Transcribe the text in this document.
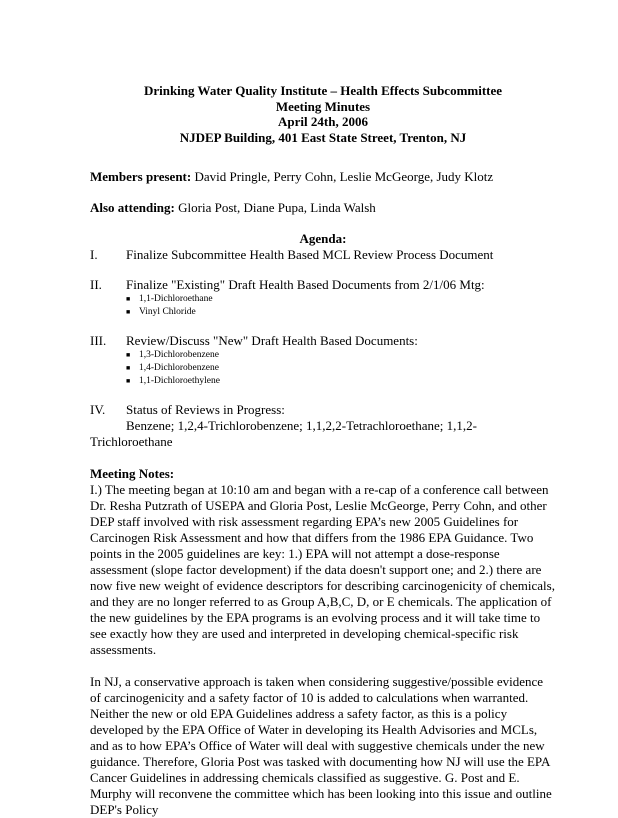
Drinking Water Quality Institute – Health Effects Subcommittee

Meeting Minutes

April 24th, 2006

NJDEP Building, 401 East State Street, Trenton, NJ

Members present: David Pringle, Perry Cohn, Leslie McGeorge, Judy Klotz

Also attending: Gloria Post, Diane Pupa, Linda Walsh

Agenda:

I.	Finalize Subcommittee Health Based MCL Review Process Document
II.	Finalize "Existing" Draft Health Based Documents from 2/1/06 Mtg:
■ 1,1-Dichloroethane
■ Vinyl Chloride
III.	Review/Discuss "New" Draft Health Based Documents:
■ 1,3-Dichlorobenzene
■ 1,4-Dichlorobenzene
■ 1,1-Dichloroethylene
IV.	Status of Reviews in Progress:
Benzene; 1,2,4-Trichlorobenzene; 1,1,2,2-Tetrachloroethane; 1,1,2-
Trichloroethane

Meeting Notes:

I.) The meeting began at 10:10 am and began with a re-cap of a conference call between Dr. Resha Putzrath of USEPA and Gloria Post, Leslie McGeorge, Perry Cohn, and other DEP staff involved with risk assessment regarding EPA’s new 2005 Guidelines for Carcinogen Risk Assessment and how that differs from the 1986 EPA Guidance. Two points in the 2005 guidelines are key: 1.) EPA will not attempt a dose-response assessment (slope factor development) if the data doesn't support one; and 2.) there are now five new weight of evidence descriptors for describing carcinogenicity of chemicals, and they are no longer referred to as Group A,B,C, D, or E chemicals. The application of the new guidelines by the EPA programs is an evolving process and it will take time to see exactly how they are used and interpreted in developing chemical-specific risk assessments.

In NJ, a conservative approach is taken when considering suggestive/possible evidence of carcinogenicity and a safety factor of 10 is added to calculations when warranted. Neither the new or old EPA Guidelines address a safety factor, as this is a policy developed by the EPA Office of Water in developing its Health Advisories and MCLs, and as to how EPA’s Office of Water will deal with suggestive chemicals under the new guidance. Therefore, Gloria Post was tasked with documenting how NJ will use the EPA Cancer Guidelines in addressing chemicals classified as suggestive. G. Post and E. Murphy will reconvene the committee which has been looking into this issue and outline DEP's Policy
